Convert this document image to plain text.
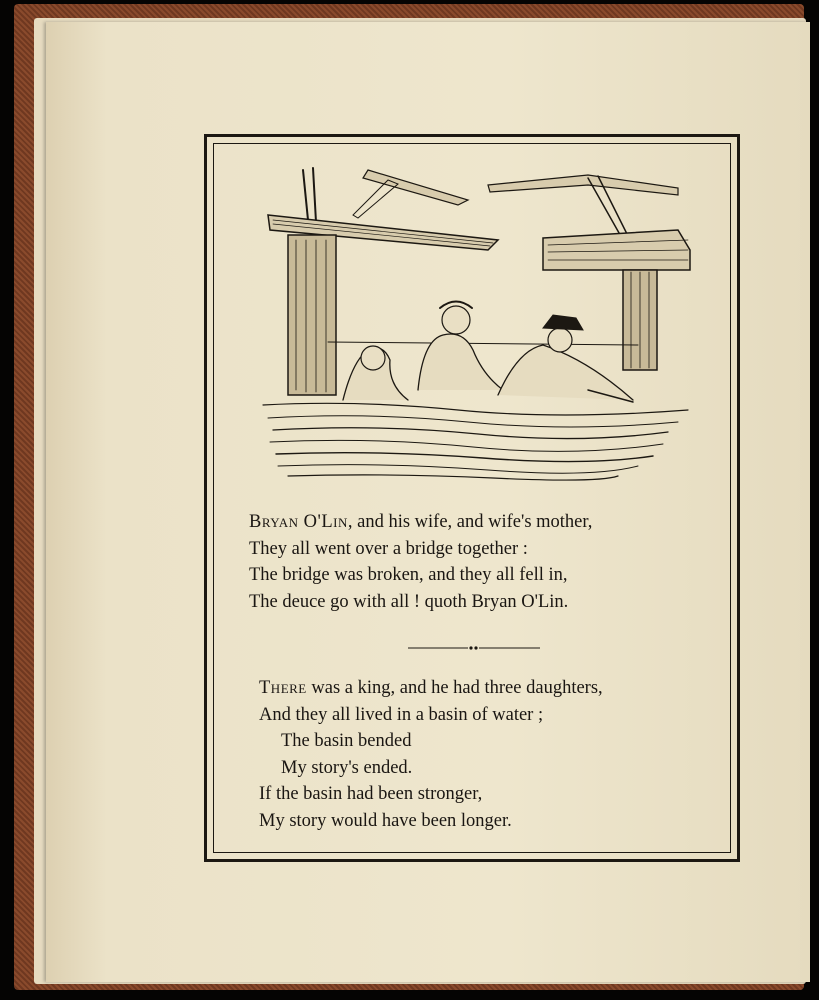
Bryan O'Lin, and his wife, and wife's mother,
They all went over a bridge together :
The bridge was broken, and they all fell in,
The deuce go with all ! quoth Bryan O'Lin.
There was a king, and he had three daughters,
And they all lived in a basin of water ;
The basin bended
My story's ended.
If the basin had been stronger,
My story would have been longer.
